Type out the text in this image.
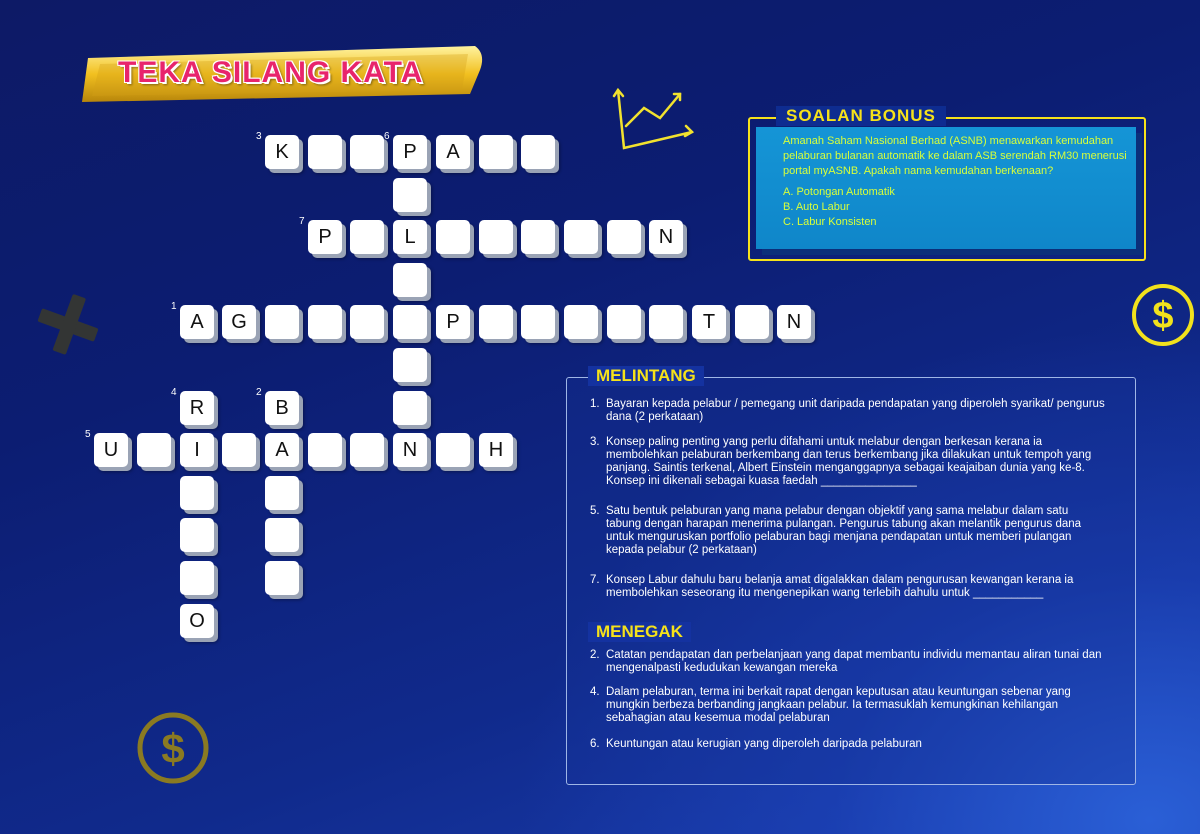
TEKA SILANG KATA
$
$
3
K
6
P	A
7
P	L	N
1
A	G	P	T	N
4
R
2
B
5
U	I	A	N	H
O
SOALAN BONUS
Amanah Saham Nasional Berhad (ASNB) menawarkan kemudahan pelaburan bulanan automatik ke dalam ASB serendah RM30 menerusi portal myASNB. Apakah nama kemudahan berkenaan?
A. Potongan Automatik
B. Auto Labur
C. Labur Konsisten
MELINTANG
1. Bayaran kepada pelabur / pemegang unit daripada pendapatan yang diperoleh syarikat/ pengurus dana (2 perkataan)
3. Konsep paling penting yang perlu difahami untuk melabur dengan berkesan kerana ia membolehkan pelaburan berkembang dan terus berkembang jika dilakukan untuk tempoh yang panjang. Saintis terkenal, Albert Einstein menganggapnya sebagai keajaiban dunia yang ke-8. Konsep ini dikenali sebagai kuasa faedah _______________
5. Satu bentuk pelaburan yang mana pelabur dengan objektif yang sama melabur dalam satu tabung dengan harapan menerima pulangan. Pengurus tabung akan melantik pengurus dana untuk menguruskan portfolio pelaburan bagi menjana pendapatan untuk memberi pulangan kepada pelabur (2 perkataan)
7. Konsep Labur dahulu baru belanja amat digalakkan dalam pengurusan kewangan kerana ia membolehkan seseorang itu mengenepikan wang terlebih dahulu untuk ___________
MENEGAK
2. Catatan pendapatan dan perbelanjaan yang dapat membantu individu memantau aliran tunai dan mengenalpasti kedudukan kewangan mereka
4. Dalam pelaburan, terma ini berkait rapat dengan keputusan atau keuntungan sebenar yang mungkin berbeza berbanding jangkaan pelabur. Ia termasuklah kemungkinan kehilangan sebahagian atau kesemua modal pelaburan
6. Keuntungan atau kerugian yang diperoleh daripada pelaburan
